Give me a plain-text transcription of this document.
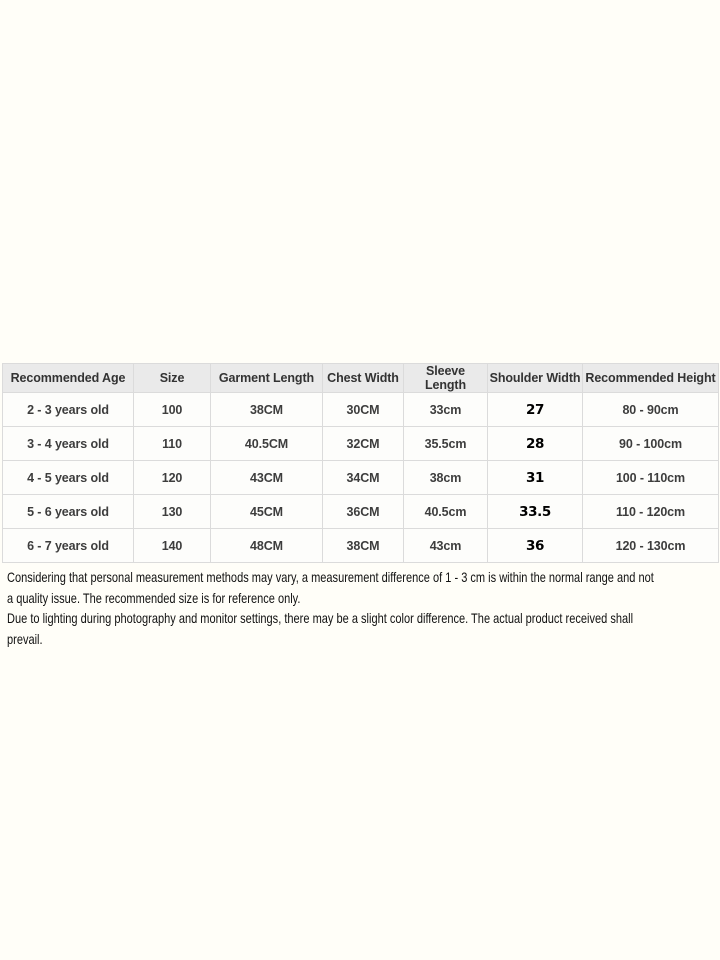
Recommended Age	Size	Garment Length	Chest Width	Sleeve Length	Shoulder Width	Recommended Height
2 - 3 years old	100	38CM	30CM	33cm	27	80 - 90cm
3 - 4 years old	110	40.5CM	32CM	35.5cm	28	90 - 100cm
4 - 5 years old	120	43CM	34CM	38cm	31	100 - 110cm
5 - 6 years old	130	45CM	36CM	40.5cm	33.5	110 - 120cm
6 - 7 years old	140	48CM	38CM	43cm	36	120 - 130cm
Considering that personal measurement methods may vary, a measurement difference of 1 - 3 cm is within the normal range and not
a quality issue. The recommended size is for reference only.
Due to lighting during photography and monitor settings, there may be a slight color difference. The actual product received shall
prevail.
